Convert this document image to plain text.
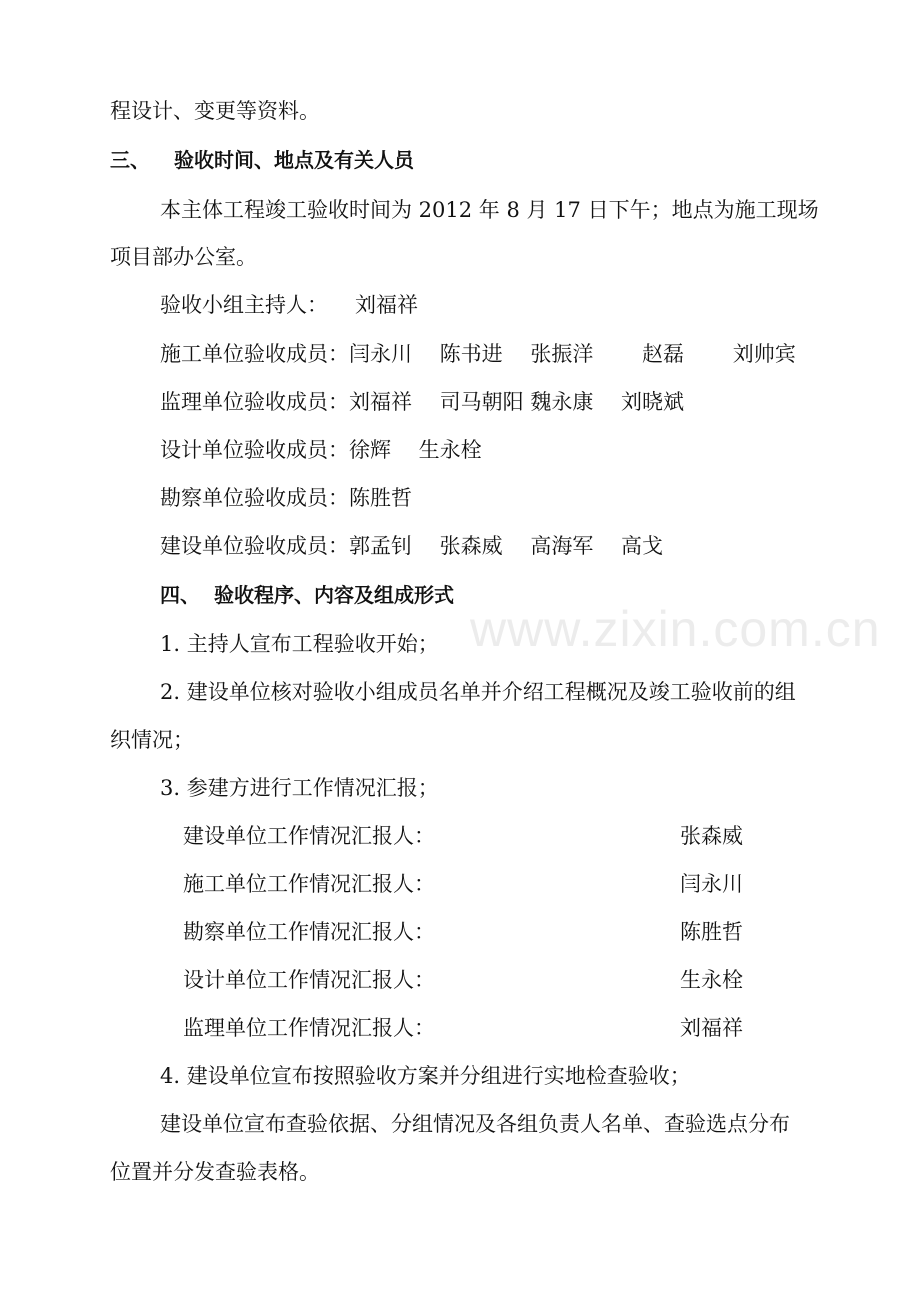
www.zixin.com.cn
程设计、变更等资料。
三、 验收时间、地点及有关人员
本主体工程竣工验收时间为 2012 年 8 月 17 日下午；地点为施工现场
项目部办公室。
验收小组主持人： 刘福祥
施工单位验收成员：闫永川　 陈书进　 张振洋　　 赵磊　　 刘帅宾
监理单位验收成员：刘福祥　 司马朝阳 魏永康　 刘晓斌
设计单位验收成员：徐辉　 生永栓
勘察单位验收成员：陈胜哲
建设单位验收成员：郭孟钊　 张森威　 高海军　 高戈
四、 验收程序、内容及组成形式
1. 主持人宣布工程验收开始；
2. 建设单位核对验收小组成员名单并介绍工程概况及竣工验收前的组
织情况；
3. 参建方进行工作情况汇报；
建设单位工作情况汇报人：	张森威
施工单位工作情况汇报人：	闫永川
勘察单位工作情况汇报人：	陈胜哲
设计单位工作情况汇报人：	生永栓
监理单位工作情况汇报人：	刘福祥
4. 建设单位宣布按照验收方案并分组进行实地检查验收；
建设单位宣布查验依据、分组情况及各组负责人名单、查验选点分布
位置并分发查验表格。
